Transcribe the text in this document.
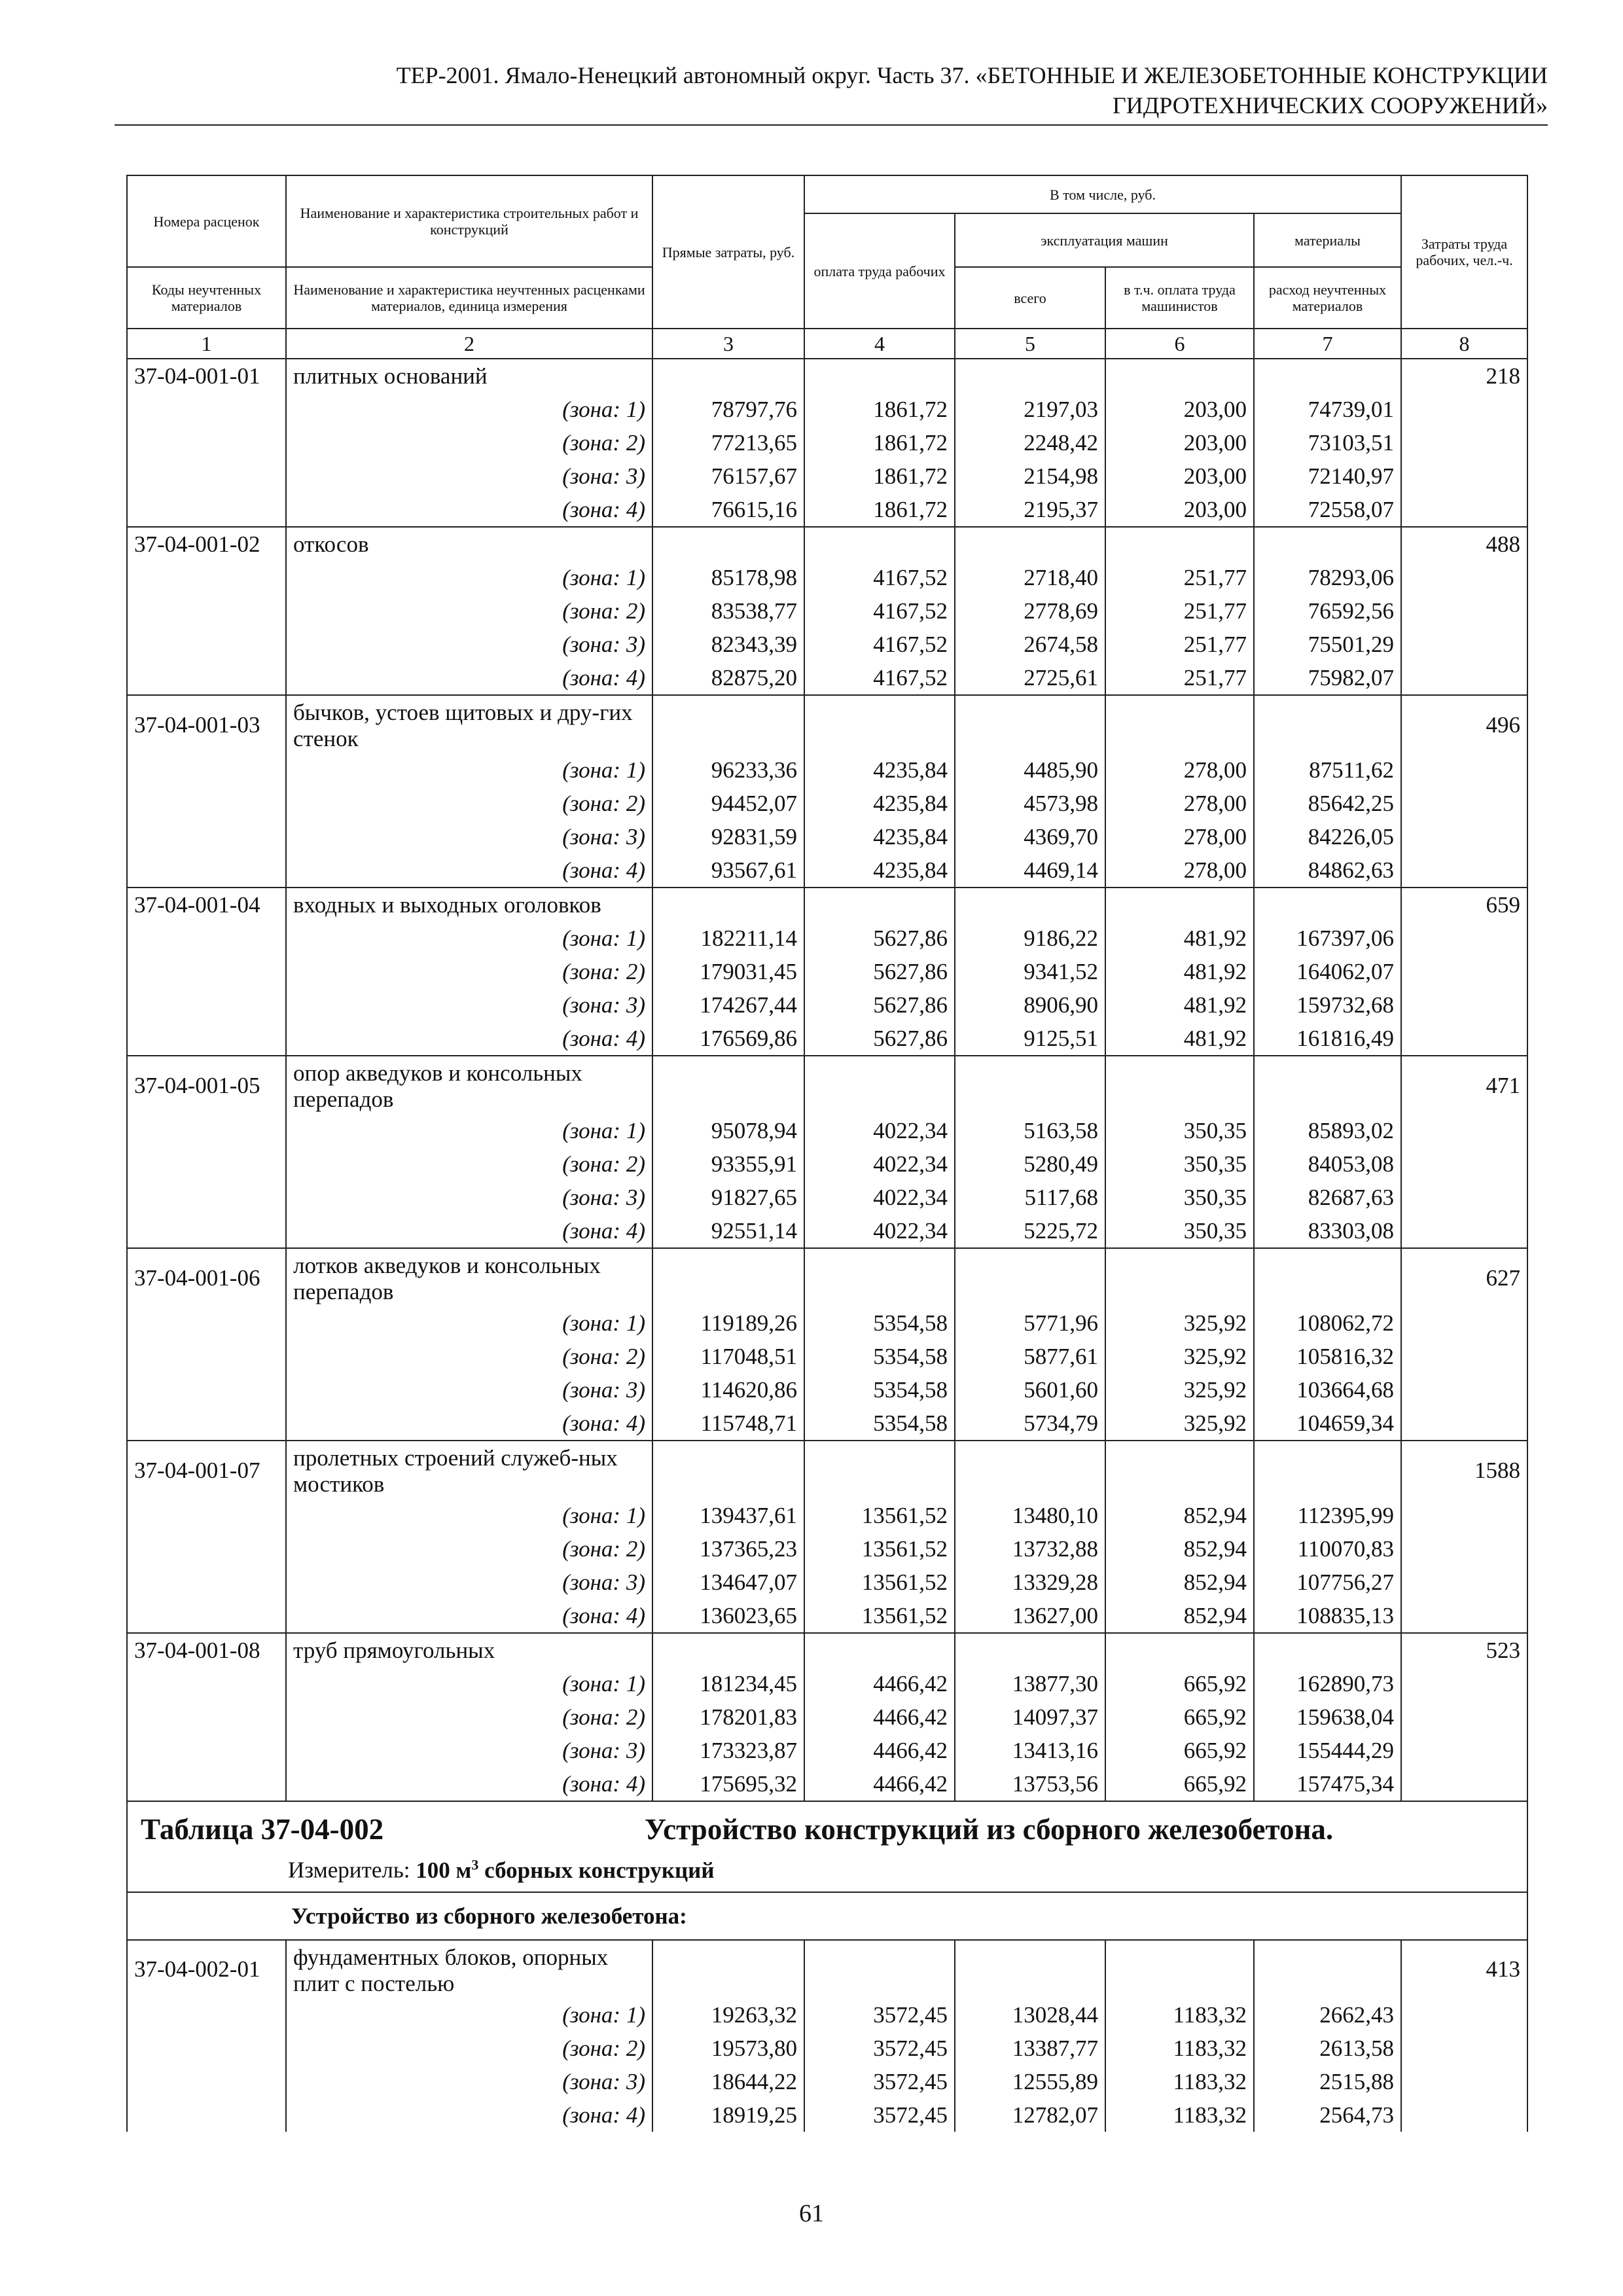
ТЕР-2001. Ямало-Ненецкий автономный округ. Часть 37. «БЕТОННЫЕ И ЖЕЛЕЗОБЕТОННЫЕ КОНСТРУКЦИИ
ГИДРОТЕХНИЧЕСКИХ СООРУЖЕНИЙ»
Номера расценок	Наименование и характеристика строительных работ и конструкций	Прямые затраты, руб.	В том числе, руб.				Затраты труда рабочих, чел.-ч.
			оплата труда рабочих	эксплуатация машин		материалы	
Коды неучтенных материалов	Наименование и характеристика неучтенных расценками материалов, единица измерения			всего	в т.ч. оплата труда машинистов	расход неучтенных материалов	
1	2	3	4	5	6	7	8
37-04-001-01	плитных оснований						218
	(зона: 1)	78797,76	1861,72	2197,03	203,00	74739,01	
	(зона: 2)	77213,65	1861,72	2248,42	203,00	73103,51	
	(зона: 3)	76157,67	1861,72	2154,98	203,00	72140,97	
	(зона: 4)	76615,16	1861,72	2195,37	203,00	72558,07	
37-04-001-02	откосов						488
	(зона: 1)	85178,98	4167,52	2718,40	251,77	78293,06	
	(зона: 2)	83538,77	4167,52	2778,69	251,77	76592,56	
	(зона: 3)	82343,39	4167,52	2674,58	251,77	75501,29	
	(зона: 4)	82875,20	4167,52	2725,61	251,77	75982,07	
37-04-001-03	бычков, устоев щитовых и дру-гих стенок						496
	(зона: 1)	96233,36	4235,84	4485,90	278,00	87511,62	
	(зона: 2)	94452,07	4235,84	4573,98	278,00	85642,25	
	(зона: 3)	92831,59	4235,84	4369,70	278,00	84226,05	
	(зона: 4)	93567,61	4235,84	4469,14	278,00	84862,63	
37-04-001-04	входных и выходных оголовков						659
	(зона: 1)	182211,14	5627,86	9186,22	481,92	167397,06	
	(зона: 2)	179031,45	5627,86	9341,52	481,92	164062,07	
	(зона: 3)	174267,44	5627,86	8906,90	481,92	159732,68	
	(зона: 4)	176569,86	5627,86	9125,51	481,92	161816,49	
37-04-001-05	опор акведуков и консольных перепадов						471
	(зона: 1)	95078,94	4022,34	5163,58	350,35	85893,02	
	(зона: 2)	93355,91	4022,34	5280,49	350,35	84053,08	
	(зона: 3)	91827,65	4022,34	5117,68	350,35	82687,63	
	(зона: 4)	92551,14	4022,34	5225,72	350,35	83303,08	
37-04-001-06	лотков акведуков и консольных перепадов						627
	(зона: 1)	119189,26	5354,58	5771,96	325,92	108062,72	
	(зона: 2)	117048,51	5354,58	5877,61	325,92	105816,32	
	(зона: 3)	114620,86	5354,58	5601,60	325,92	103664,68	
	(зона: 4)	115748,71	5354,58	5734,79	325,92	104659,34	
37-04-001-07	пролетных строений служеб-ных мостиков						1588
	(зона: 1)	139437,61	13561,52	13480,10	852,94	112395,99	
	(зона: 2)	137365,23	13561,52	13732,88	852,94	110070,83	
	(зона: 3)	134647,07	13561,52	13329,28	852,94	107756,27	
	(зона: 4)	136023,65	13561,52	13627,00	852,94	108835,13	
37-04-001-08	труб прямоугольных						523
	(зона: 1)	181234,45	4466,42	13877,30	665,92	162890,73	
	(зона: 2)	178201,83	4466,42	14097,37	665,92	159638,04	
	(зона: 3)	173323,87	4466,42	13413,16	665,92	155444,29	
	(зона: 4)	175695,32	4466,42	13753,56	665,92	157475,34	

Таблица 37-04-002 Устройство конструкций из сборного железобетона.
Измеритель: 100 $м^3$ сборных конструкций							

Устройство из сборного железобетона:							
37-04-002-01	фундаментных блоков, опорных плит с постелью						413
	(зона: 1)	19263,32	3572,45	13028,44	1183,32	2662,43	
	(зона: 2)	19573,80	3572,45	13387,77	1183,32	2613,58	
	(зона: 3)	18644,22	3572,45	12555,89	1183,32	2515,88	
	(зона: 4)	18919,25	3572,45	12782,07	1183,32	2564,73	
61
